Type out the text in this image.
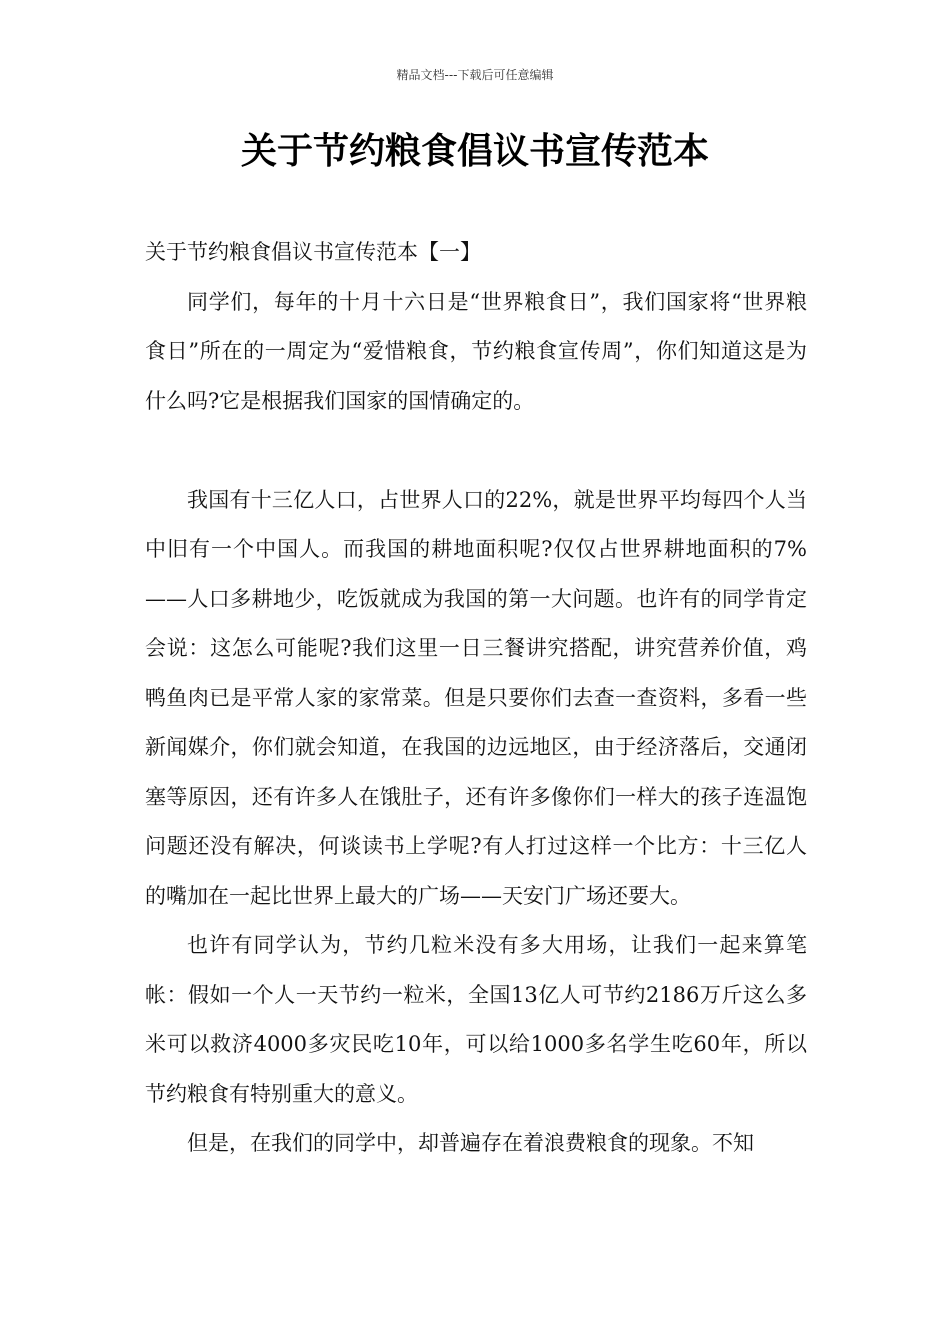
精品文档---下载后可任意编辑
关于节约粮食倡议书宣传范本

关于节约粮食倡议书宣传范本【一】

同学们，每年的十月十六日是“世界粮食日”，我们国家将“世界粮食日”所在的一周定为“爱惜粮食，节约粮食宣传周”，你们知道这是为什么吗?它是根据我们国家的国情确定的。

我国有十三亿人口，占世界人口的22%，就是世界平均每四个人当中旧有一个中国人。而我国的耕地面积呢?仅仅占世界耕地面积的7%——人口多耕地少，吃饭就成为我国的第一大问题。也许有的同学肯定会说：这怎么可能呢?我们这里一日三餐讲究搭配，讲究营养价值，鸡鸭鱼肉已是平常人家的家常菜。但是只要你们去查一查资料，多看一些新闻媒介，你们就会知道，在我国的边远地区，由于经济落后，交通闭塞等原因，还有许多人在饿肚子，还有许多像你们一样大的孩子连温饱问题还没有解决，何谈读书上学呢?有人打过这样一个比方：十三亿人的嘴加在一起比世界上最大的广场——天安门广场还要大。

也许有同学认为，节约几粒米没有多大用场，让我们一起来算笔帐：假如一个人一天节约一粒米，全国13亿人可节约2186万斤这么多米可以救济4000多灾民吃10年，可以给1000多名学生吃60年，所以节约粮食有特别重大的意义。

但是，在我们的同学中，却普遍存在着浪费粮食的现象。不知
